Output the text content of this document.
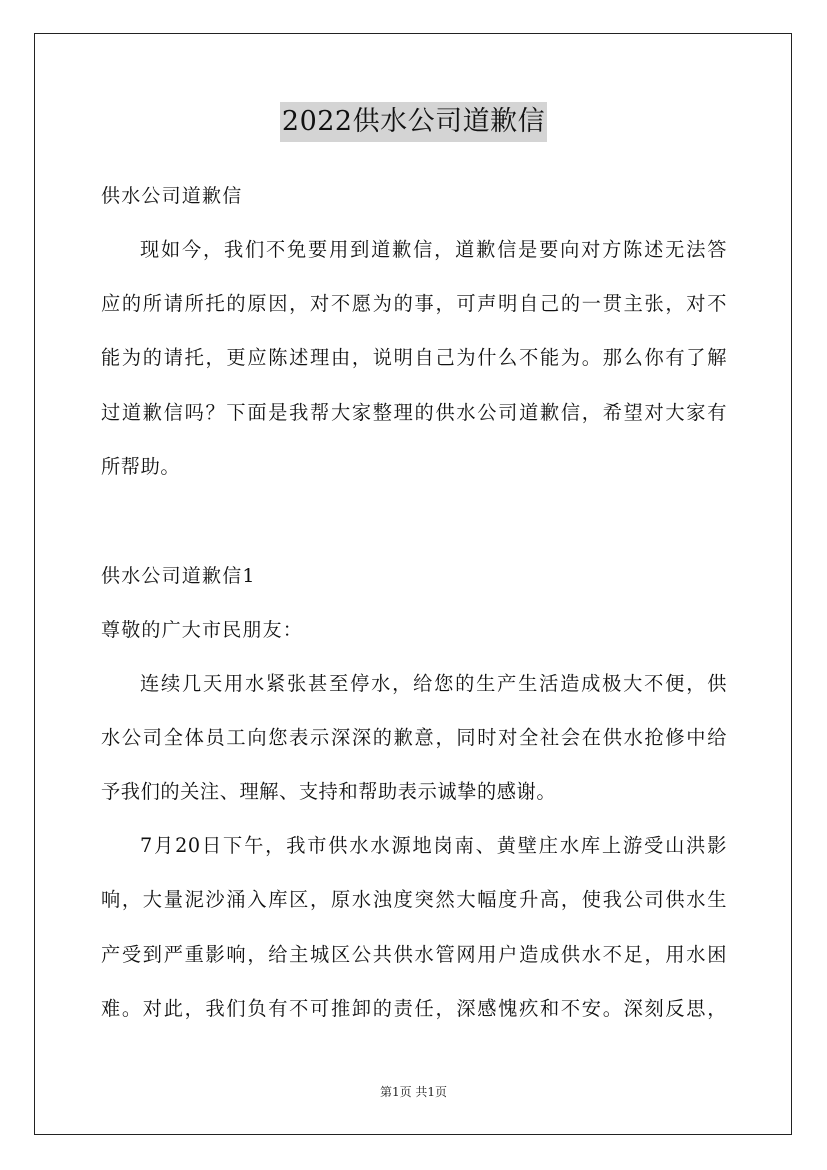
2022供水公司道歉信
供水公司道歉信
现如今，我们不免要用到道歉信，道歉信是要向对方陈述无法答
应的所请所托的原因，对不愿为的事，可声明自己的一贯主张，对不
能为的请托，更应陈述理由，说明自己为什么不能为。那么你有了解
过道歉信吗？下面是我帮大家整理的供水公司道歉信，希望对大家有
所帮助。
供水公司道歉信1
尊敬的广大市民朋友：
连续几天用水紧张甚至停水，给您的生产生活造成极大不便，供
水公司全体员工向您表示深深的歉意，同时对全社会在供水抢修中给
予我们的关注、理解、支持和帮助表示诚挚的感谢。
7月20日下午，我市供水水源地岗南、黄壁庄水库上游受山洪影
响，大量泥沙涌入库区，原水浊度突然大幅度升高，使我公司供水生
产受到严重影响，给主城区公共供水管网用户造成供水不足，用水困
难。对此，我们负有不可推卸的责任，深感愧疚和不安。深刻反思，
第1页 共1页
